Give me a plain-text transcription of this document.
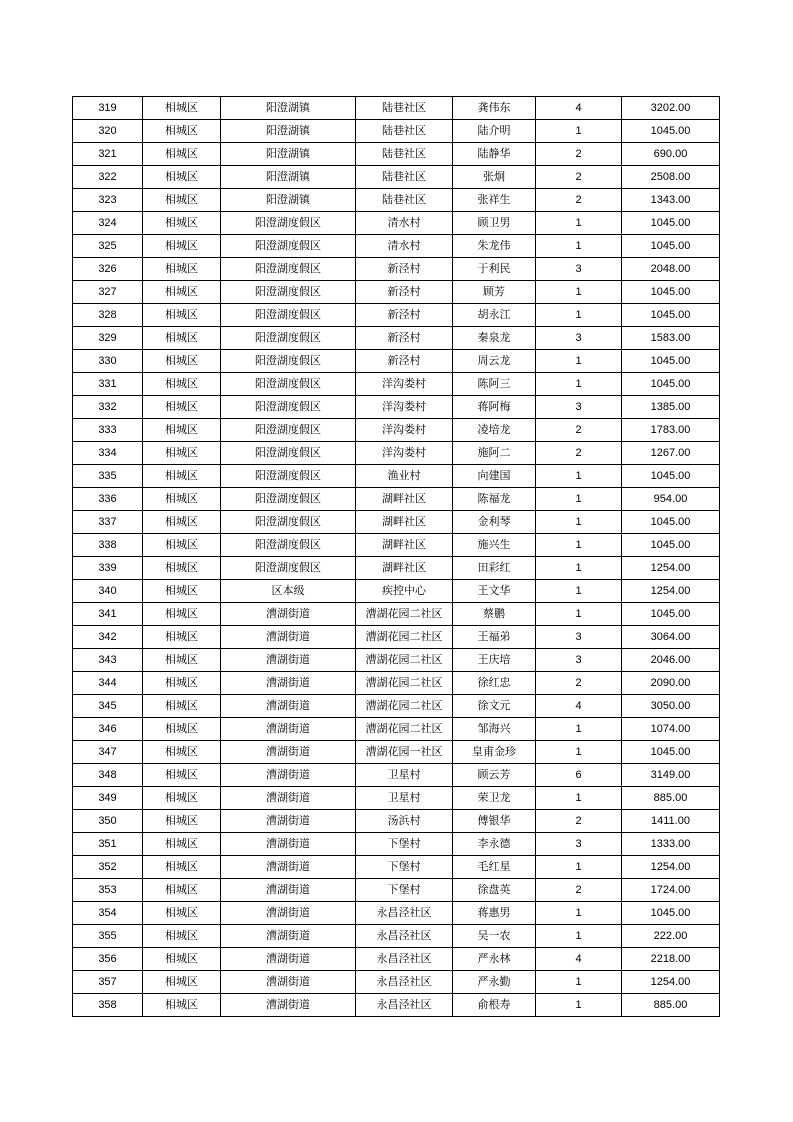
319	相城区	阳澄湖镇	陆巷社区	龚伟东	4	3202.00
320	相城区	阳澄湖镇	陆巷社区	陆介明	1	1045.00
321	相城区	阳澄湖镇	陆巷社区	陆静华	2	690.00
322	相城区	阳澄湖镇	陆巷社区	张炯	2	2508.00
323	相城区	阳澄湖镇	陆巷社区	张祥生	2	1343.00
324	相城区	阳澄湖度假区	清水村	顾卫男	1	1045.00
325	相城区	阳澄湖度假区	清水村	朱龙伟	1	1045.00
326	相城区	阳澄湖度假区	新泾村	于利民	3	2048.00
327	相城区	阳澄湖度假区	新泾村	顾芳	1	1045.00
328	相城区	阳澄湖度假区	新泾村	胡永江	1	1045.00
329	相城区	阳澄湖度假区	新泾村	秦泉龙	3	1583.00
330	相城区	阳澄湖度假区	新泾村	周云龙	1	1045.00
331	相城区	阳澄湖度假区	洋沟娄村	陈阿三	1	1045.00
332	相城区	阳澄湖度假区	洋沟娄村	蒋阿梅	3	1385.00
333	相城区	阳澄湖度假区	洋沟娄村	凌培龙	2	1783.00
334	相城区	阳澄湖度假区	洋沟娄村	施阿二	2	1267.00
335	相城区	阳澄湖度假区	渔业村	向建国	1	1045.00
336	相城区	阳澄湖度假区	湖畔社区	陈福龙	1	954.00
337	相城区	阳澄湖度假区	湖畔社区	金利琴	1	1045.00
338	相城区	阳澄湖度假区	湖畔社区	施兴生	1	1045.00
339	相城区	阳澄湖度假区	湖畔社区	田彩红	1	1254.00
340	相城区	区本级	疾控中心	王文华	1	1254.00
341	相城区	漕湖街道	漕湖花园二社区	蔡鹏	1	1045.00
342	相城区	漕湖街道	漕湖花园二社区	王福弟	3	3064.00
343	相城区	漕湖街道	漕湖花园二社区	王庆培	3	2046.00
344	相城区	漕湖街道	漕湖花园二社区	徐红忠	2	2090.00
345	相城区	漕湖街道	漕湖花园二社区	徐文元	4	3050.00
346	相城区	漕湖街道	漕湖花园二社区	邹海兴	1	1074.00
347	相城区	漕湖街道	漕湖花园一社区	皇甫金珍	1	1045.00
348	相城区	漕湖街道	卫星村	顾云芳	6	3149.00
349	相城区	漕湖街道	卫星村	荣卫龙	1	885.00
350	相城区	漕湖街道	汤浜村	傅银华	2	1411.00
351	相城区	漕湖街道	下堡村	李永德	3	1333.00
352	相城区	漕湖街道	下堡村	毛红星	1	1254.00
353	相城区	漕湖街道	下堡村	徐盘英	2	1724.00
354	相城区	漕湖街道	永昌泾社区	蒋惠男	1	1045.00
355	相城区	漕湖街道	永昌泾社区	吴一农	1	222.00
356	相城区	漕湖街道	永昌泾社区	严永林	4	2218.00
357	相城区	漕湖街道	永昌泾社区	严永勤	1	1254.00
358	相城区	漕湖街道	永昌泾社区	俞根寿	1	885.00
